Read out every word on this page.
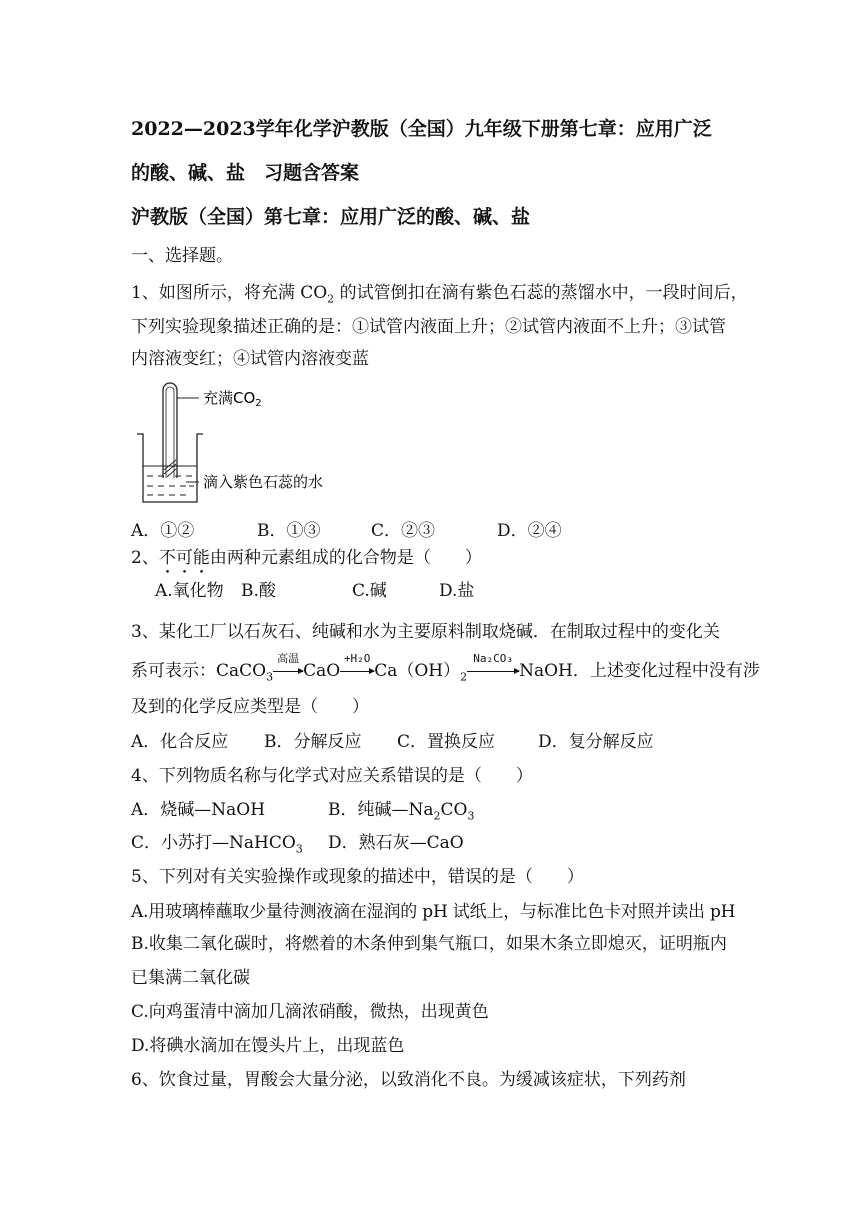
2022—2023学年化学沪教版（全国）九年级下册第七章：应用广泛
的酸、碱、盐　习题含答案
沪教版（全国）第七章：应用广泛的酸、碱、盐
一、选择题。
1、如图所示，将充满 $CO_2$ 的试管倒扣在滴有紫色石蕊的蒸馏水中，一段时间后，
下列实验现象描述正确的是：①试管内液面上升；②试管内液面不上升；③试管
内溶液变红；④试管内溶液变蓝
充满$CO_2$
滴入紫色石蕊的水
A．①②	B．①③	C．②③	D．②④
2、不可能由两种元素组成的化合物是（　　）
A.氧化物 B.酸	C.碱	D.盐
3、某化工厂以石灰石、纯碱和水为主要原料制取烧碱．在制取过程中的变化关
系可表示：CaCO$_3$
高温
CaO
+H₂O
$Ca(OH)_2$
Na₂CO₃
NaOH．上述变化过程中没有涉
及到的化学反应类型是（　　）
A．化合反应 B．分解反应 C．置换反应	D．复分解反应
4、下列物质名称与化学式对应关系错误的是（　　）
A．烧碱—NaOH	B．纯碱$—Na_2CO_3$
C．小苏打—NaHCO$_3$ D．熟石灰—CaO
5、下列对有关实验操作或现象的描述中，错误的是（　　）
A.用玻璃棒蘸取少量待测液滴在湿润的 pH 试纸上，与标准比色卡对照并读出 pH
B.收集二氧化碳时，将燃着的木条伸到集气瓶口，如果木条立即熄灭，证明瓶内
已集满二氧化碳
C.向鸡蛋清中滴加几滴浓硝酸，微热，出现黄色
D.将碘水滴加在馒头片上，出现蓝色
6、饮食过量，胃酸会大量分泌，以致消化不良。为缓减该症状，下列药剂
